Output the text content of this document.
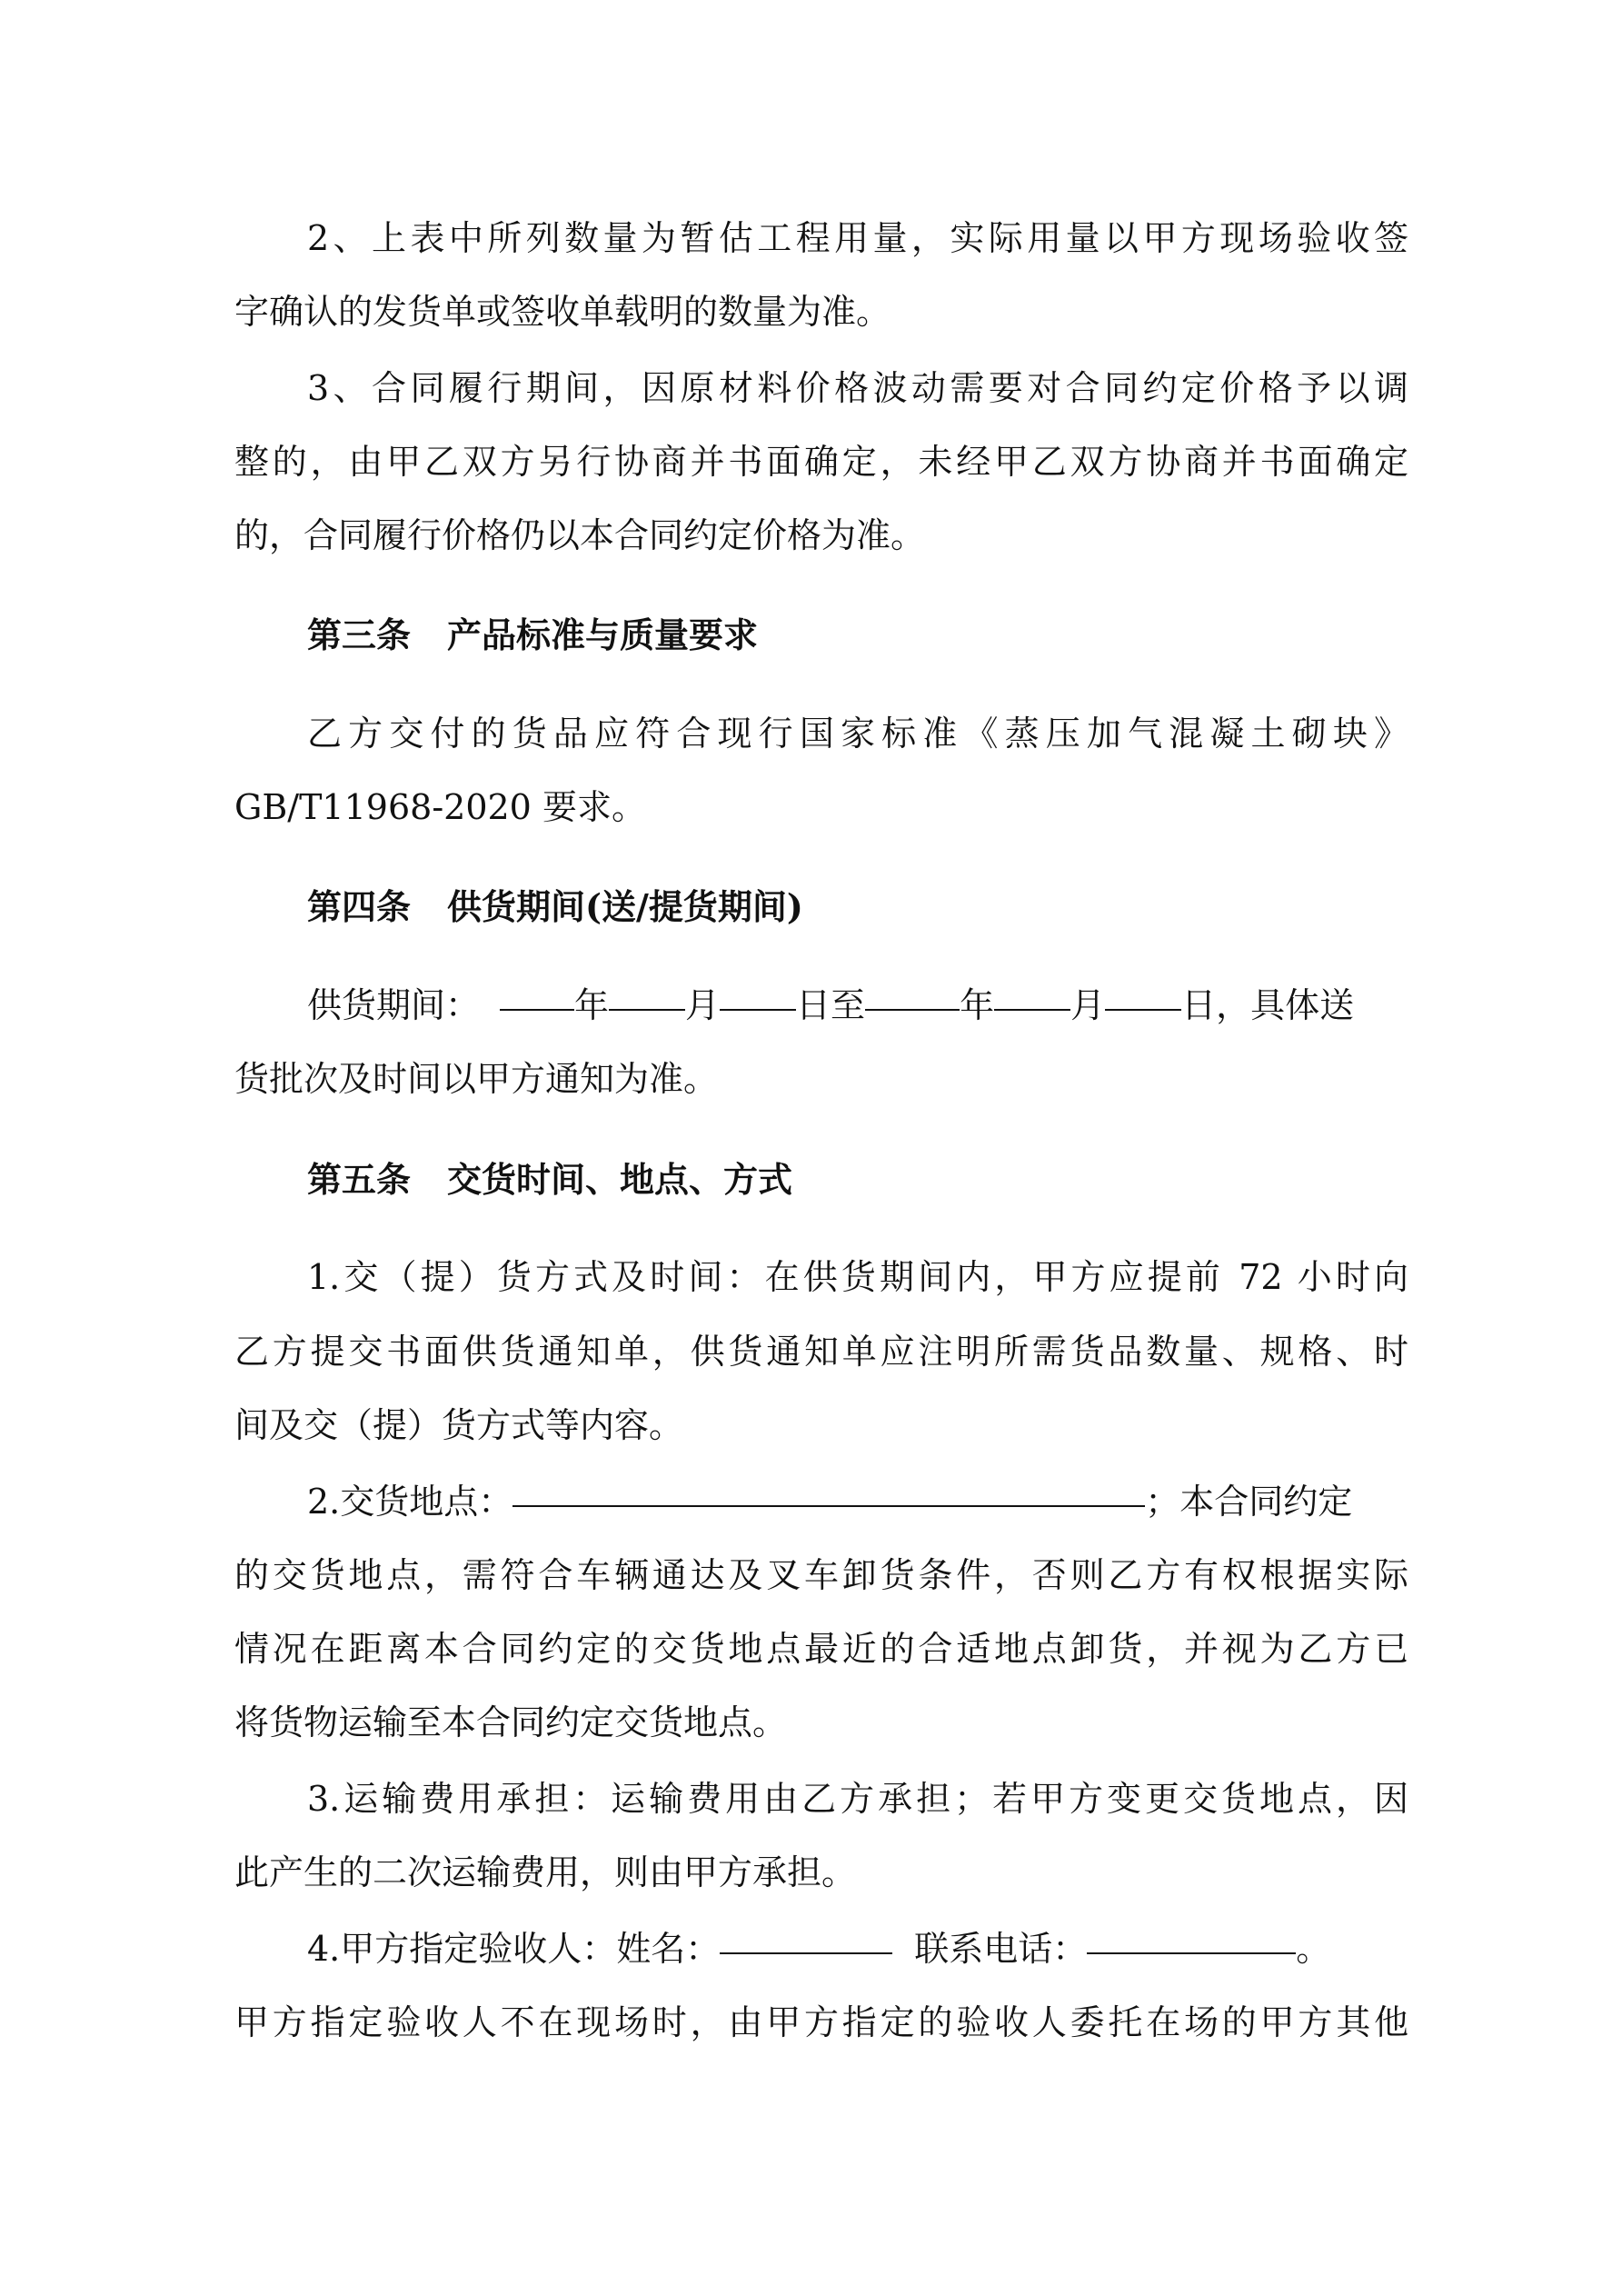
2、上表中所列数量为暂估工程用量，实际用量以甲方现场验收签
字确认的发货单或签收单载明的数量为准。
3、合同履行期间，因原材料价格波动需要对合同约定价格予以调
整的，由甲乙双方另行协商并书面确定，未经甲乙双方协商并书面确定
的，合同履行价格仍以本合同约定价格为准。
第三条 产品标准与质量要求
乙方交付的货品应符合现行国家标准《蒸压加气混凝土砌块》
GB/T11968-2020 要求。
第四条 供货期间(送/提货期间)
供货期间：	年 月 日至	年 月 日，具体送
货批次及时间以甲方通知为准。
第五条 交货时间、地点、方式
1.交（提）货方式及时间：在供货期间内，甲方应提前 72 小时向
乙方提交书面供货通知单，供货通知单应注明所需货品数量、规格、时
间及交（提）货方式等内容。
2.交货地点：	；本合同约定
的交货地点，需符合车辆通达及叉车卸货条件，否则乙方有权根据实际
情况在距离本合同约定的交货地点最近的合适地点卸货，并视为乙方已
将货物运输至本合同约定交货地点。
3.运输费用承担：运输费用由乙方承担；若甲方变更交货地点，因
此产生的二次运输费用，则由甲方承担。
4.甲方指定验收人：姓名：	联系电话：	。
甲方指定验收人不在现场时，由甲方指定的验收人委托在场的甲方其他
